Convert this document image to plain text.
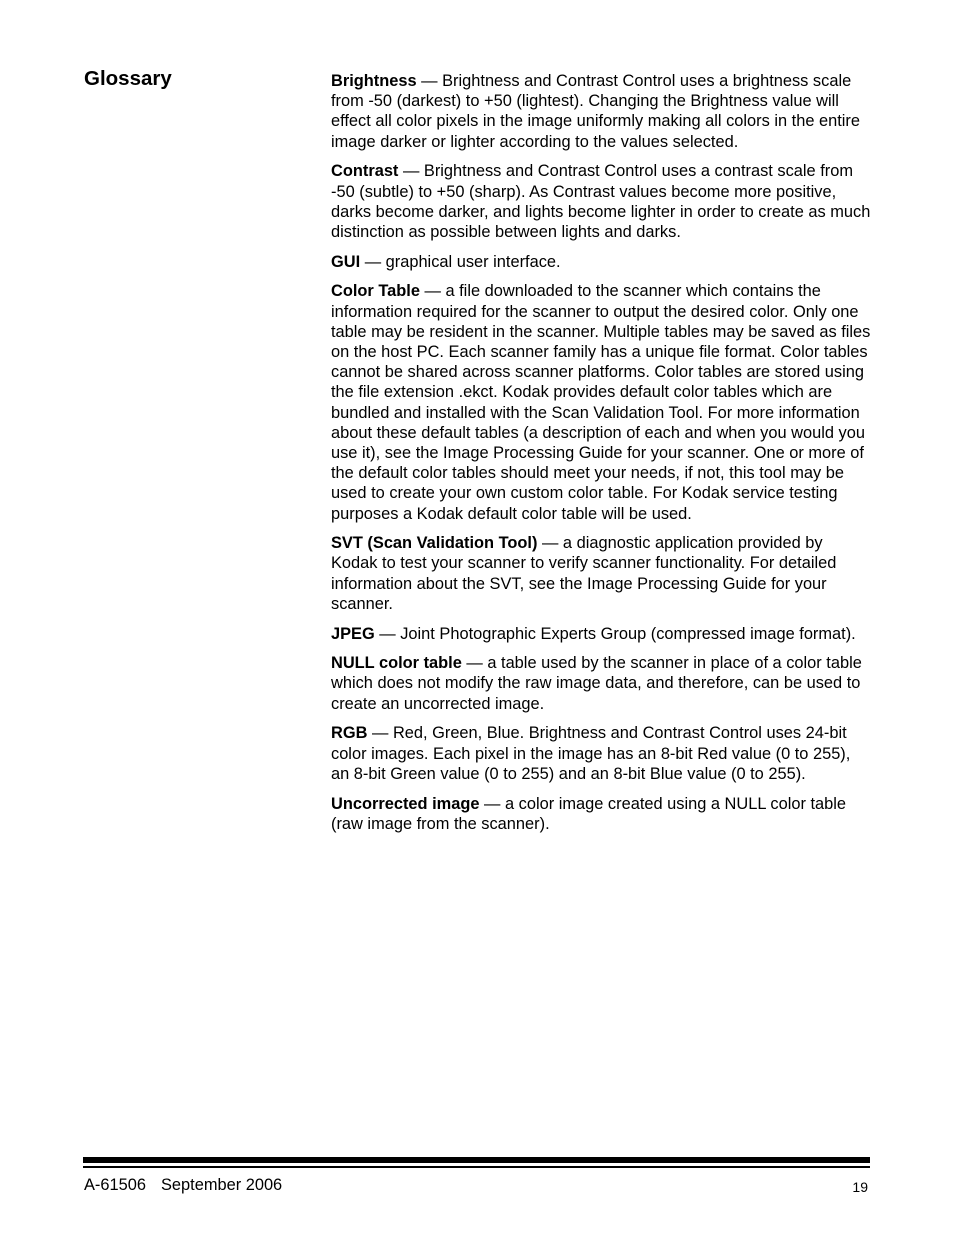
Glossary	Brightness — Brightness and Contrast Control uses a brightness scale from -50 (darkest) to +50 (lightest). Changing the Brightness value will effect all color pixels in the image uniformly making all colors in the entire image darker or lighter according to the values selected.

Contrast — Brightness and Contrast Control uses a contrast scale from -50 (subtle) to +50 (sharp). As Contrast values become more positive, darks become darker, and lights become lighter in order to create as much distinction as possible between lights and darks.

GUI — graphical user interface.

Color Table — a file downloaded to the scanner which contains the information required for the scanner to output the desired color. Only one table may be resident in the scanner. Multiple tables may be saved as files on the host PC. Each scanner family has a unique file format. Color tables cannot be shared across scanner platforms. Color tables are stored using the file extension .ekct. Kodak provides default color tables which are bundled and installed with the Scan Validation Tool. For more information about these default tables (a description of each and when you would you use it), see the Image Processing Guide for your scanner. One or more of the default color tables should meet your needs, if not, this tool may be used to create your own custom color table. For Kodak service testing purposes a Kodak default color table will be used.

SVT (Scan Validation Tool) — a diagnostic application provided by Kodak to test your scanner to verify scanner functionality. For detailed information about the SVT, see the Image Processing Guide for your scanner.

JPEG — Joint Photographic Experts Group (compressed image format).

NULL color table — a table used by the scanner in place of a color table which does not modify the raw image data, and therefore, can be used to create an uncorrected image.

RGB — Red, Green, Blue. Brightness and Contrast Control uses 24-bit color images. Each pixel in the image has an 8-bit Red value (0 to 255), an 8-bit Green value (0 to 255) and an 8-bit Blue value (0 to 255).

Uncorrected image — a color image created using a NULL color table (raw image from the scanner).

A-61506 September 2006	19
